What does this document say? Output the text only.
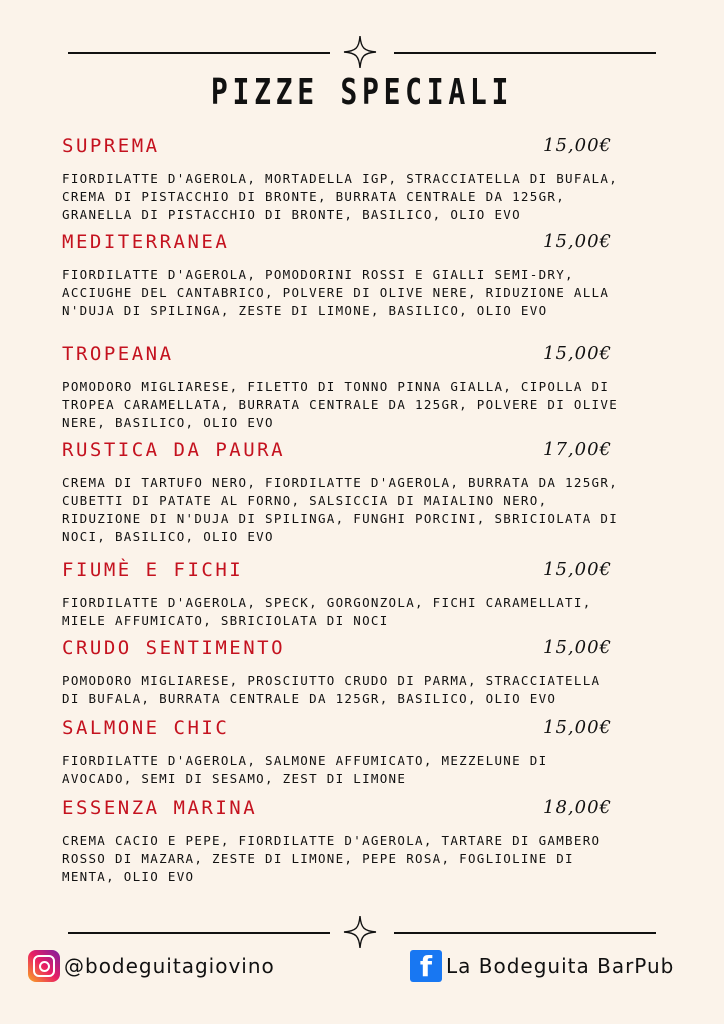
PIZZE SPECIALI
SUPREMA	15,00€
FIORDILATTE D'AGEROLA, MORTADELLA IGP, STRACCIATELLA DI BUFALA, CREMA DI PISTACCHIO DI BRONTE, BURRATA CENTRALE DA 125GR, GRANELLA DI PISTACCHIO DI BRONTE, BASILICO, OLIO EVO
MEDITERRANEA	15,00€
FIORDILATTE D'AGEROLA, POMODORINI ROSSI E GIALLI SEMI-DRY, ACCIUGHE DEL CANTABRICO, POLVERE DI OLIVE NERE, RIDUZIONE ALLA N'DUJA DI SPILINGA, ZESTE DI LIMONE, BASILICO, OLIO EVO
TROPEANA	15,00€
POMODORO MIGLIARESE, FILETTO DI TONNO PINNA GIALLA, CIPOLLA DI TROPEA CARAMELLATA, BURRATA CENTRALE DA 125GR, POLVERE DI OLIVE NERE, BASILICO, OLIO EVO
RUSTICA DA PAURA	17,00€
CREMA DI TARTUFO NERO, FIORDILATTE D'AGEROLA, BURRATA DA 125GR, CUBETTI DI PATATE AL FORNO, SALSICCIA DI MAIALINO NERO, RIDUZIONE DI N'DUJA DI SPILINGA, FUNGHI PORCINI, SBRICIOLATA DI NOCI, BASILICO, OLIO EVO
FIUMÈ E FICHI	15,00€
FIORDILATTE D'AGEROLA, SPECK, GORGONZOLA, FICHI CARAMELLATI, MIELE AFFUMICATO, SBRICIOLATA DI NOCI
CRUDO SENTIMENTO	15,00€
POMODORO MIGLIARESE, PROSCIUTTO CRUDO DI PARMA, STRACCIATELLA DI BUFALA, BURRATA CENTRALE DA 125GR, BASILICO, OLIO EVO
SALMONE CHIC	15,00€
FIORDILATTE D'AGEROLA, SALMONE AFFUMICATO, MEZZELUNE DI AVOCADO, SEMI DI SESAMO, ZEST DI LIMONE
ESSENZA MARINA	18,00€
CREMA CACIO E PEPE, FIORDILATTE D'AGEROLA, TARTARE DI GAMBERO ROSSO DI MAZARA, ZESTE DI LIMONE, PEPE ROSA, FOGLIOLINE DI MENTA, OLIO EVO
@bodeguitagiovino	f La Bodeguita BarPub
